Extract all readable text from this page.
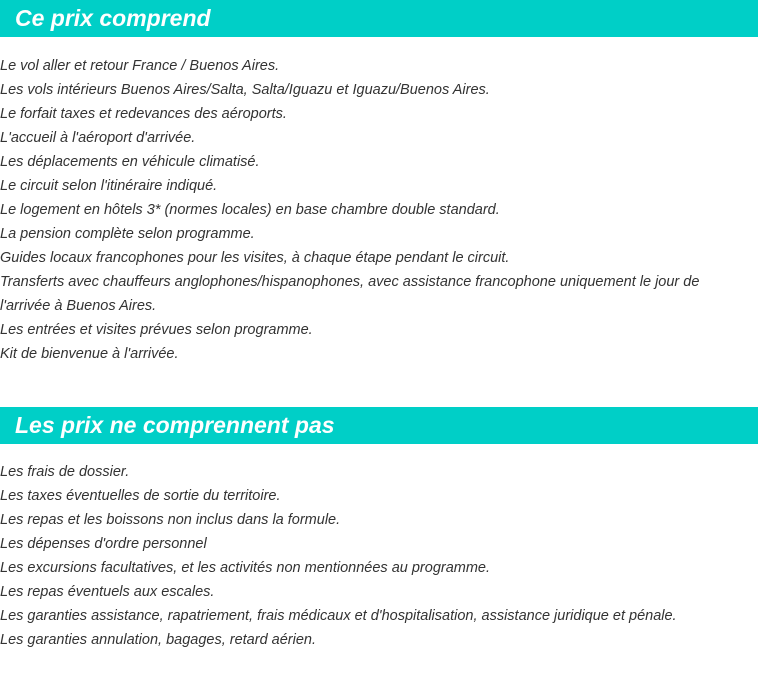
Ce prix comprend
Le vol aller et retour France / Buenos Aires.
Les vols intérieurs Buenos Aires/Salta, Salta/Iguazu et Iguazu/Buenos Aires.
Le forfait taxes et redevances des aéroports.
L'accueil à l'aéroport d'arrivée.
Les déplacements en véhicule climatisé.
Le circuit selon l'itinéraire indiqué.
Le logement en hôtels 3* (normes locales) en base chambre double standard.
La pension complète selon programme.
Guides locaux francophones pour les visites, à chaque étape pendant le circuit.
Transferts avec chauffeurs anglophones/hispanophones, avec assistance francophone uniquement le jour de l'arrivée à Buenos Aires.
Les entrées et visites prévues selon programme.
Kit de bienvenue à l'arrivée.
Les prix ne comprennent pas
Les frais de dossier.
Les taxes éventuelles de sortie du territoire.
Les repas et les boissons non inclus dans la formule.
Les dépenses d'ordre personnel
Les excursions facultatives, et les activités non mentionnées au programme.
Les repas éventuels aux escales.
Les garanties assistance, rapatriement, frais médicaux et d'hospitalisation, assistance juridique et pénale.
Les garanties annulation, bagages, retard aérien.
